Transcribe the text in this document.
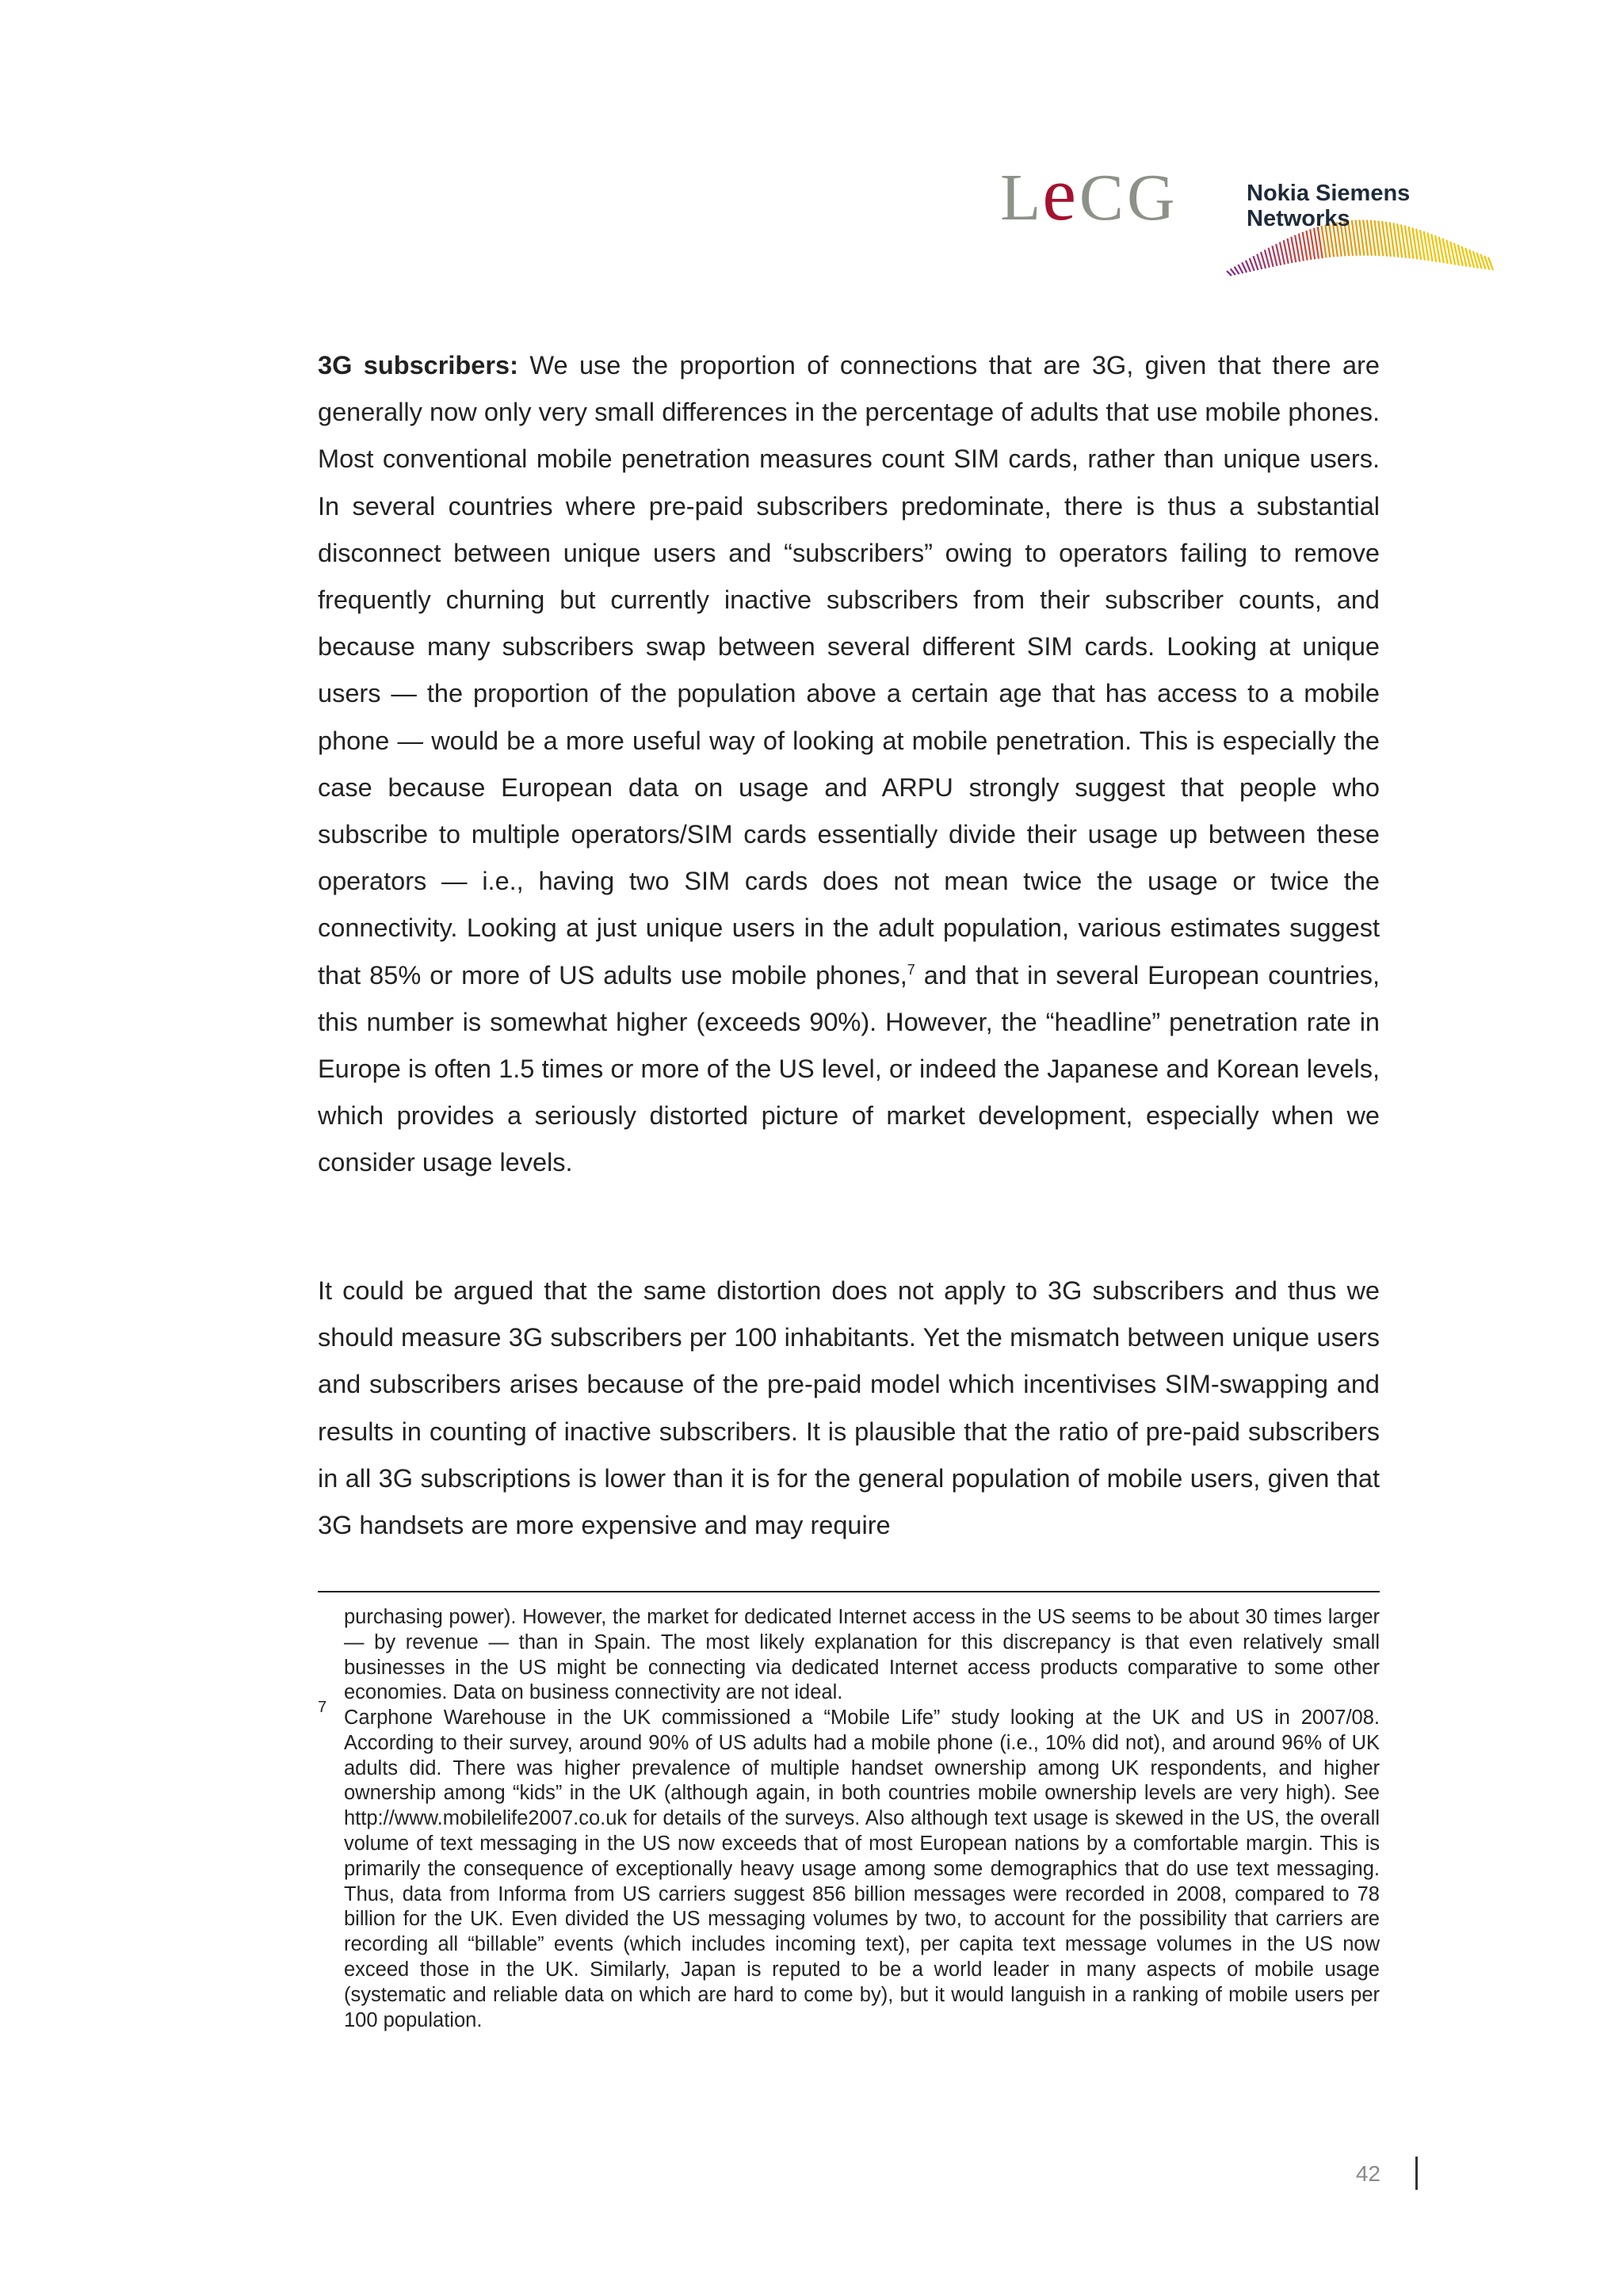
LeCG	Nokia Siemens
Networks
3G subscribers: We use the proportion of connections that are 3G, given that there are generally now only very small differences in the percentage of adults that use mobile phones. Most conventional mobile penetration measures count SIM cards, rather than unique users. In several countries where pre-paid subscribers predominate, there is thus a substantial disconnect between unique users and “subscribers” owing to operators failing to remove frequently churning but currently inactive subscribers from their subscriber counts, and because many subscribers swap between several different SIM cards. Looking at unique users — the proportion of the population above a certain age that has access to a mobile phone — would be a more useful way of looking at mobile penetration. This is especially the case because European data on usage and ARPU strongly suggest that people who subscribe to multiple operators/SIM cards essentially divide their usage up between these operators — i.e., having two SIM cards does not mean twice the usage or twice the connectivity. Looking at just unique users in the adult population, various estimates suggest that 85% or more of US adults use mobile phones,$^7$ and that in several European countries, this number is somewhat higher (exceeds 90%). However, the “headline” penetration rate in Europe is often 1.5 times or more of the US level, or indeed the Japanese and Korean levels, which provides a seriously distorted picture of market development, especially when we consider usage levels.
It could be argued that the same distortion does not apply to 3G subscribers and thus we should measure 3G subscribers per 100 inhabitants. Yet the mismatch between unique users and subscribers arises because of the pre-paid model which incentivises SIM-swapping and results in counting of inactive subscribers. It is plausible that the ratio of pre-paid subscribers in all 3G subscriptions is lower than it is for the general population of mobile users, given that 3G handsets are more expensive and may require
purchasing power). However, the market for dedicated Internet access in the US seems to be about 30 times larger — by revenue — than in Spain. The most likely explanation for this discrepancy is that even relatively small businesses in the US might be connecting via dedicated Internet access products comparative to some other economies. Data on business connectivity are not ideal.
7 Carphone Warehouse in the UK commissioned a “Mobile Life” study looking at the UK and US in 2007/08. According to their survey, around 90% of US adults had a mobile phone (i.e., 10% did not), and around 96% of UK adults did. There was higher prevalence of multiple handset ownership among UK respondents, and higher ownership among “kids” in the UK (although again, in both countries mobile ownership levels are very high). See http://www.mobilelife2007.co.uk for details of the surveys. Also although text usage is skewed in the US, the overall volume of text messaging in the US now exceeds that of most European nations by a comfortable margin. This is primarily the consequence of exceptionally heavy usage among some demographics that do use text messaging. Thus, data from Informa from US carriers suggest 856 billion messages were recorded in 2008, compared to 78 billion for the UK. Even divided the US messaging volumes by two, to account for the possibility that carriers are recording all “billable” events (which includes incoming text), per capita text message volumes in the US now exceed those in the UK. Similarly, Japan is reputed to be a world leader in many aspects of mobile usage (systematic and reliable data on which are hard to come by), but it would languish in a ranking of mobile users per 100 population.
42
